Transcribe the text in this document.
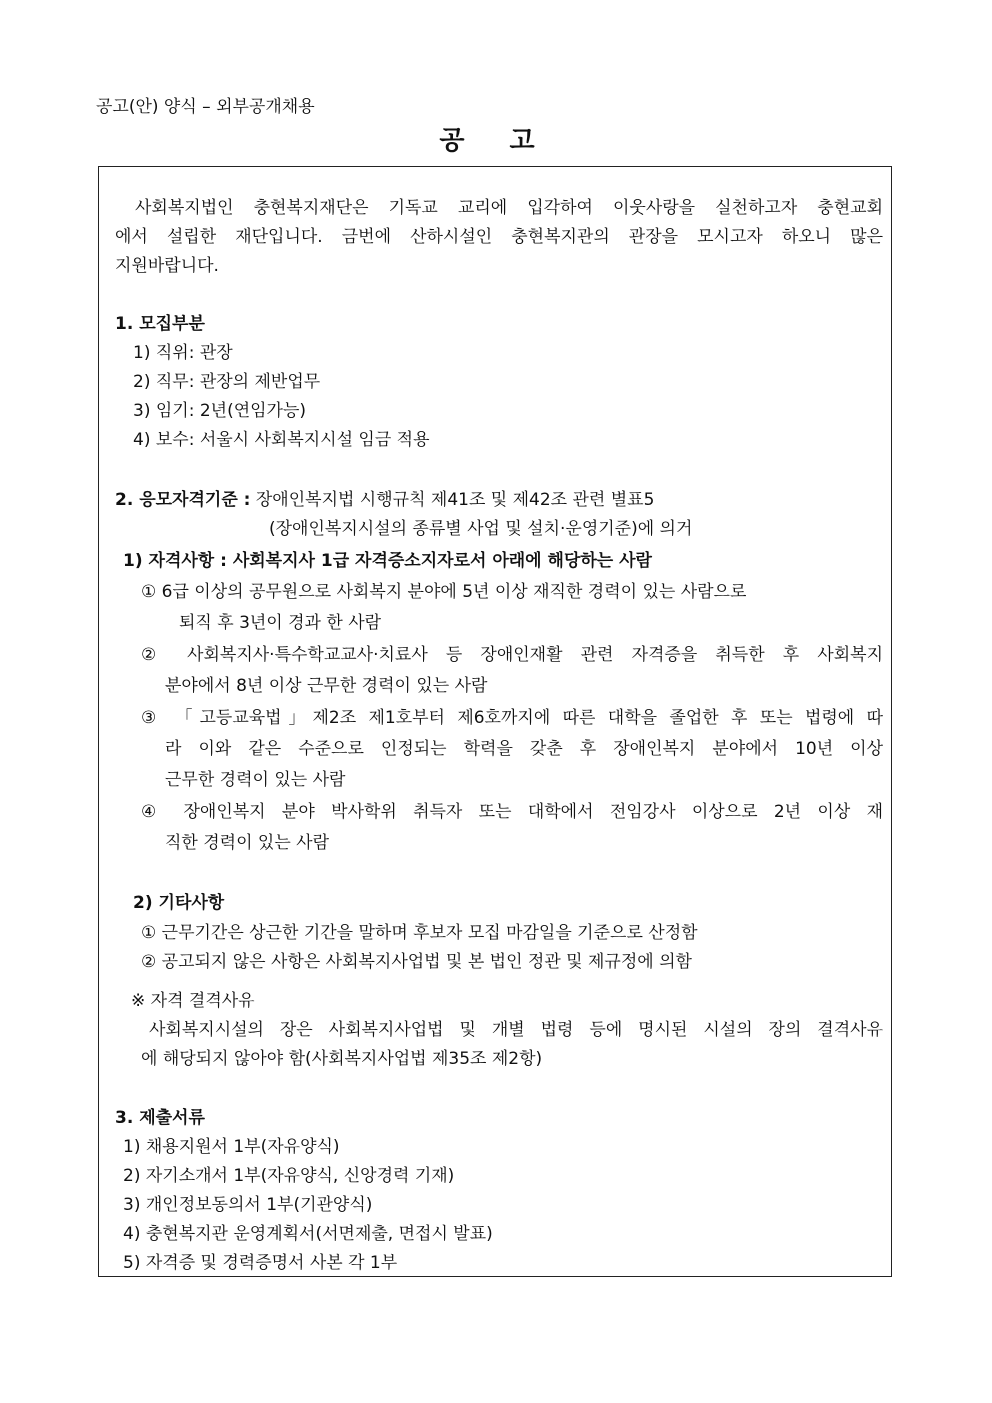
공고(안) 양식 – 외부공개채용
공 고
사회복지법인 충현복지재단은 기독교 교리에 입각하여 이웃사랑을 실천하고자 충현교회
에서 설립한 재단입니다. 금번에 산하시설인 충현복지관의 관장을 모시고자 하오니 많은
지원바랍니다.
1. 모집부분
1) 직위: 관장
2) 직무: 관장의 제반업무
3) 임기: 2년(연임가능)
4) 보수: 서울시 사회복지시설 임금 적용
2. 응모자격기준 : 장애인복지법 시행규칙 제41조 및 제42조 관련 별표5
(장애인복지시설의 종류별 사업 및 설치·운영기준)에 의거
1) 자격사항 : 사회복지사 1급 자격증소지자로서 아래에 해당하는 사람
① 6급 이상의 공무원으로 사회복지 분야에 5년 이상 재직한 경력이 있는 사람으로
퇴직 후 3년이 경과 한 사람
② 사회복지사·특수학교교사·치료사 등 장애인재활 관련 자격증을 취득한 후 사회복지
분야에서 8년 이상 근무한 경력이 있는 사람
③ 「고등교육법」제2조 제1호부터 제6호까지에 따른 대학을 졸업한 후 또는 법령에 따
라 이와 같은 수준으로 인정되는 학력을 갖춘 후 장애인복지 분야에서 10년 이상
근무한 경력이 있는 사람
④ 장애인복지 분야 박사학위 취득자 또는 대학에서 전임강사 이상으로 2년 이상 재
직한 경력이 있는 사람
2) 기타사항
① 근무기간은 상근한 기간을 말하며 후보자 모집 마감일을 기준으로 산정함
② 공고되지 않은 사항은 사회복지사업법 및 본 법인 정관 및 제규정에 의함
※ 자격 결격사유
사회복지시설의 장은 사회복지사업법 및 개별 법령 등에 명시된 시설의 장의 결격사유
에 해당되지 않아야 함(사회복지사업법 제35조 제2항)
3. 제출서류
1) 채용지원서 1부(자유양식)
2) 자기소개서 1부(자유양식, 신앙경력 기재)
3) 개인정보동의서 1부(기관양식)
4) 충현복지관 운영계획서(서면제출, 면접시 발표)
5) 자격증 및 경력증명서 사본 각 1부
